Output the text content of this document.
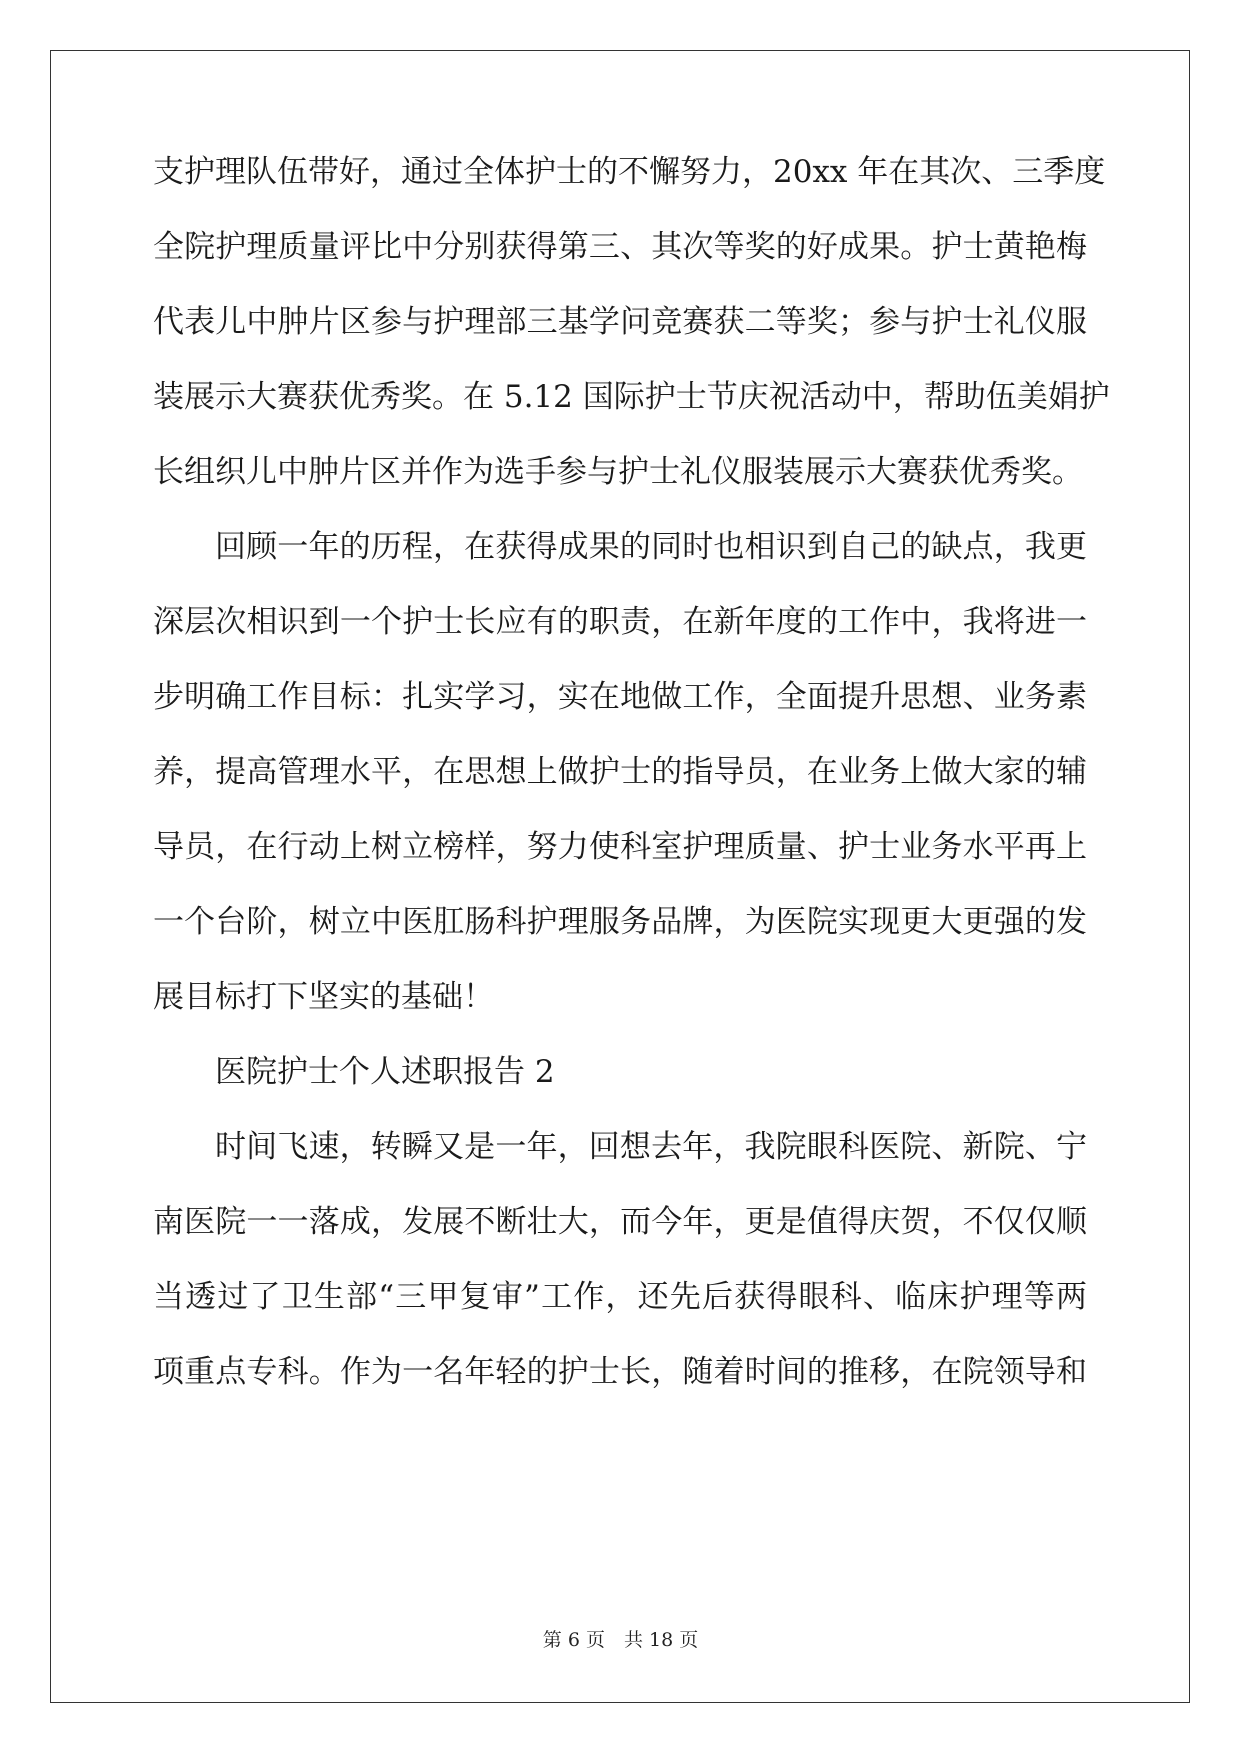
支护理队伍带好，通过全体护士的不懈努力，20xx 年在其次、三季度
全院护理质量评比中分别获得第三、其次等奖的好成果。护士黄艳梅
代表儿中肿片区参与护理部三基学问竞赛获二等奖；参与护士礼仪服
装展示大赛获优秀奖。在 5.12 国际护士节庆祝活动中，帮助伍美娟护
长组织儿中肿片区并作为选手参与护士礼仪服装展示大赛获优秀奖。
回顾一年的历程，在获得成果的同时也相识到自己的缺点，我更
深层次相识到一个护士长应有的职责，在新年度的工作中，我将进一
步明确工作目标：扎实学习，实在地做工作，全面提升思想、业务素
养，提高管理水平，在思想上做护士的指导员，在业务上做大家的辅
导员，在行动上树立榜样，努力使科室护理质量、护士业务水平再上
一个台阶，树立中医肛肠科护理服务品牌，为医院实现更大更强的发
展目标打下坚实的基础！
医院护士个人述职报告 2
时间飞速，转瞬又是一年，回想去年，我院眼科医院、新院、宁
南医院一一落成，发展不断壮大，而今年，更是值得庆贺，不仅仅顺
当透过了卫生部“三甲复审”工作，还先后获得眼科、临床护理等两
项重点专科。作为一名年轻的护士长，随着时间的推移，在院领导和
第 6 页　共 18 页
